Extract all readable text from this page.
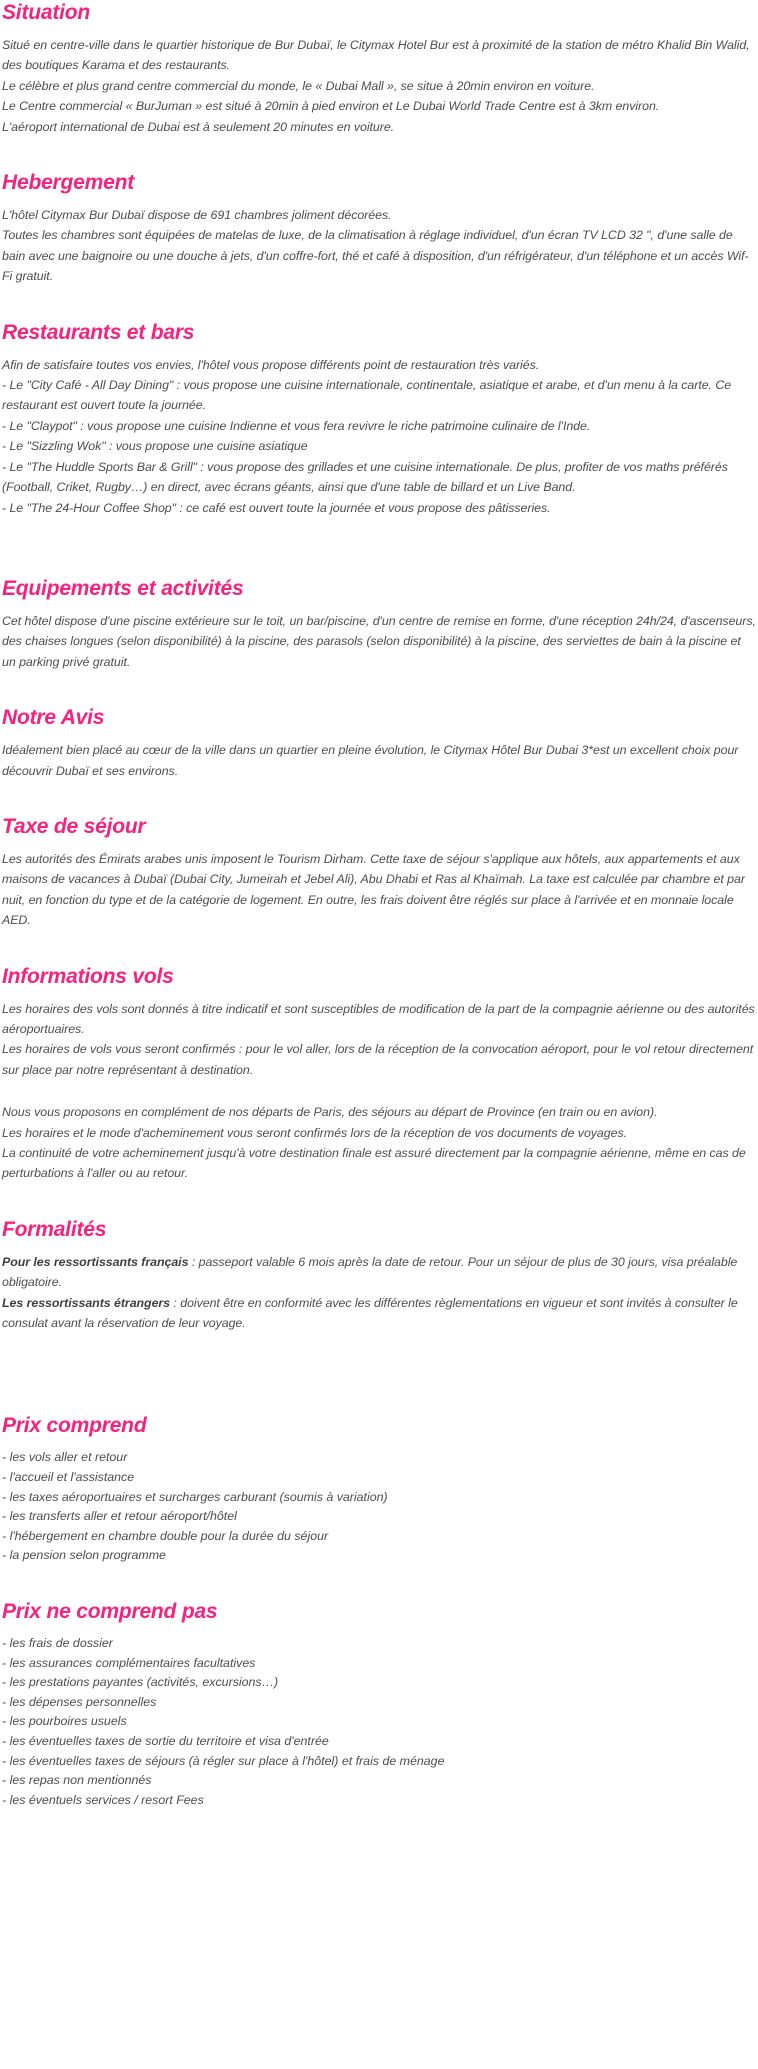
Situation
Situé en centre-ville dans le quartier historique de Bur Dubaï, le Citymax Hotel Bur est à proximité de la station de métro Khalid Bin Walid, des boutiques Karama et des restaurants.
Le célèbre et plus grand centre commercial du monde, le « Dubai Mall », se situe à 20min environ en voiture.
Le Centre commercial « BurJuman » est situé à 20min à pied environ et Le Dubai World Trade Centre est à 3km environ.
L'aéroport international de Dubai est à seulement 20 minutes en voiture.
Hebergement
L'hôtel Citymax Bur Dubaï dispose de 691 chambres joliment décorées.
Toutes les chambres sont équipées de matelas de luxe, de la climatisation à réglage individuel, d'un écran TV LCD 32 ", d'une salle de bain avec une baignoire ou une douche à jets, d'un coffre-fort, thé et café à disposition, d'un réfrigérateur, d'un téléphone et un accès Wif-Fi gratuit.
Restaurants et bars
Afin de satisfaire toutes vos envies, l'hôtel vous propose différents point de restauration très variés.
- Le "City Café - All Day Dining" : vous propose une cuisine internationale, continentale, asiatique et arabe, et d'un menu à la carte. Ce restaurant est ouvert toute la journée.
- Le "Claypot" : vous propose une cuisine Indienne et vous fera revivre le riche patrimoine culinaire de l'Inde.
- Le "Sizzling Wok" : vous propose une cuisine asiatique
- Le "The Huddle Sports Bar & Grill" : vous propose des grillades et une cuisine internationale. De plus, profiter de vos maths préférés (Football, Criket, Rugby…) en direct, avec écrans géants, ainsi que d'une table de billard et un Live Band.
- Le "The 24-Hour Coffee Shop" : ce café est ouvert toute la journée et vous propose des pâtisseries.
Equipements et activités
Cet hôtel dispose d'une piscine extérieure sur le toit, un bar/piscine, d'un centre de remise en forme, d'une réception 24h/24, d'ascenseurs, des chaises longues (selon disponibilité) à la piscine, des parasols (selon disponibilité) à la piscine, des serviettes de bain à la piscine et un parking privé gratuit.
Notre Avis
Idéalement bien placé au cœur de la ville dans un quartier en pleine évolution, le Citymax Hôtel Bur Dubai 3*est un excellent choix pour découvrir Dubaï et ses environs.
Taxe de séjour
Les autorités des Émirats arabes unis imposent le Tourism Dirham. Cette taxe de séjour s'applique aux hôtels, aux appartements et aux maisons de vacances à Dubaï (Dubai City, Jumeirah et Jebel Ali), Abu Dhabi et Ras al Khaïmah. La taxe est calculée par chambre et par nuit, en fonction du type et de la catégorie de logement. En outre, les frais doivent être réglés sur place à l'arrivée et en monnaie locale AED.
Informations vols
Les horaires des vols sont donnés à titre indicatif et sont susceptibles de modification de la part de la compagnie aérienne ou des autorités aéroportuaires.
Les horaires de vols vous seront confirmés : pour le vol aller, lors de la réception de la convocation aéroport, pour le vol retour directement sur place par notre représentant à destination.
Nous vous proposons en complément de nos départs de Paris, des séjours au départ de Province (en train ou en avion).
Les horaires et le mode d'acheminement vous seront confirmés lors de la réception de vos documents de voyages.
La continuité de votre acheminement jusqu'à votre destination finale est assuré directement par la compagnie aérienne, même en cas de perturbations à l'aller ou au retour.
Formalités
Pour les ressortissants français : passeport valable 6 mois après la date de retour. Pour un séjour de plus de 30 jours, visa préalable obligatoire.
Les ressortissants étrangers : doivent être en conformité avec les différentes règlementations en vigueur et sont invités à consulter le consulat avant la réservation de leur voyage.
Prix comprend
- les vols aller et retour
- l'accueil et l'assistance
- les taxes aéroportuaires et surcharges carburant (soumis à variation)
- les transferts aller et retour aéroport/hôtel
- l'hébergement en chambre double pour la durée du séjour
- la pension selon programme
Prix ne comprend pas
- les frais de dossier
- les assurances complémentaires facultatives
- les prestations payantes (activités, excursions…)
- les dépenses personnelles
- les pourboires usuels
- les éventuelles taxes de sortie du territoire et visa d'entrée
- les éventuelles taxes de séjours (à régler sur place à l'hôtel) et frais de ménage
- les repas non mentionnés
- les éventuels services / resort Fees
